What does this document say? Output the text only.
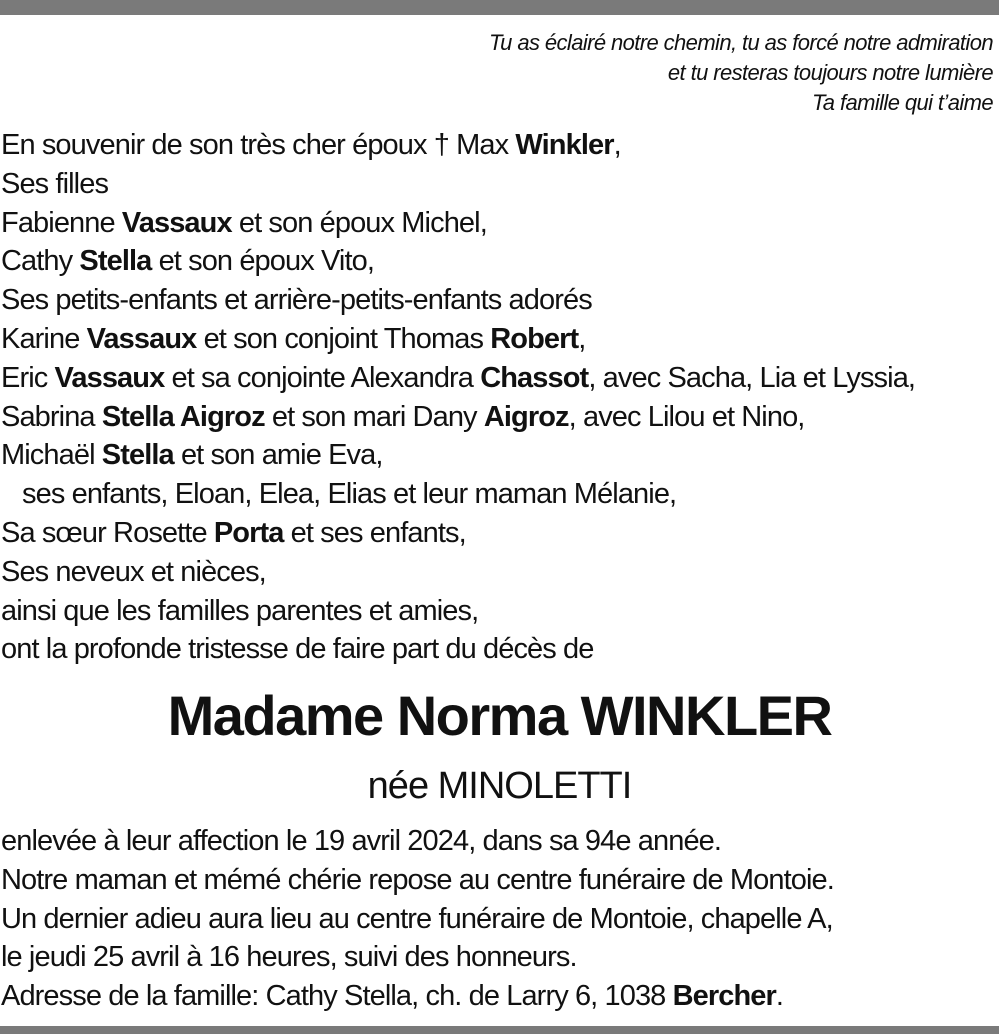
Tu as éclairé notre chemin, tu as forcé notre admiration
et tu resteras toujours notre lumière
Ta famille qui t’aime
En souvenir de son très cher époux † Max Winkler,
Ses filles
Fabienne Vassaux et son époux Michel,
Cathy Stella et son époux Vito,
Ses petits-enfants et arrière-petits-enfants adorés
Karine Vassaux et son conjoint Thomas Robert,
Eric Vassaux et sa conjointe Alexandra Chassot, avec Sacha, Lia et Lyssia,
Sabrina Stella Aigroz et son mari Dany Aigroz, avec Lilou et Nino,
Michaël Stella et son amie Eva,
ses enfants, Eloan, Elea, Elias et leur maman Mélanie,
Sa sœur Rosette Porta et ses enfants,
Ses neveux et nièces,
ainsi que les familles parentes et amies,
ont la profonde tristesse de faire part du décès de
Madame Norma WINKLER
née MINOLETTI
enlevée à leur affection le 19 avril 2024, dans sa 94e année.
Notre maman et mémé chérie repose au centre funéraire de Montoie.
Un dernier adieu aura lieu au centre funéraire de Montoie, chapelle A,
le jeudi 25 avril à 16 heures, suivi des honneurs.
Adresse de la famille: Cathy Stella, ch. de Larry 6, 1038 Bercher.
